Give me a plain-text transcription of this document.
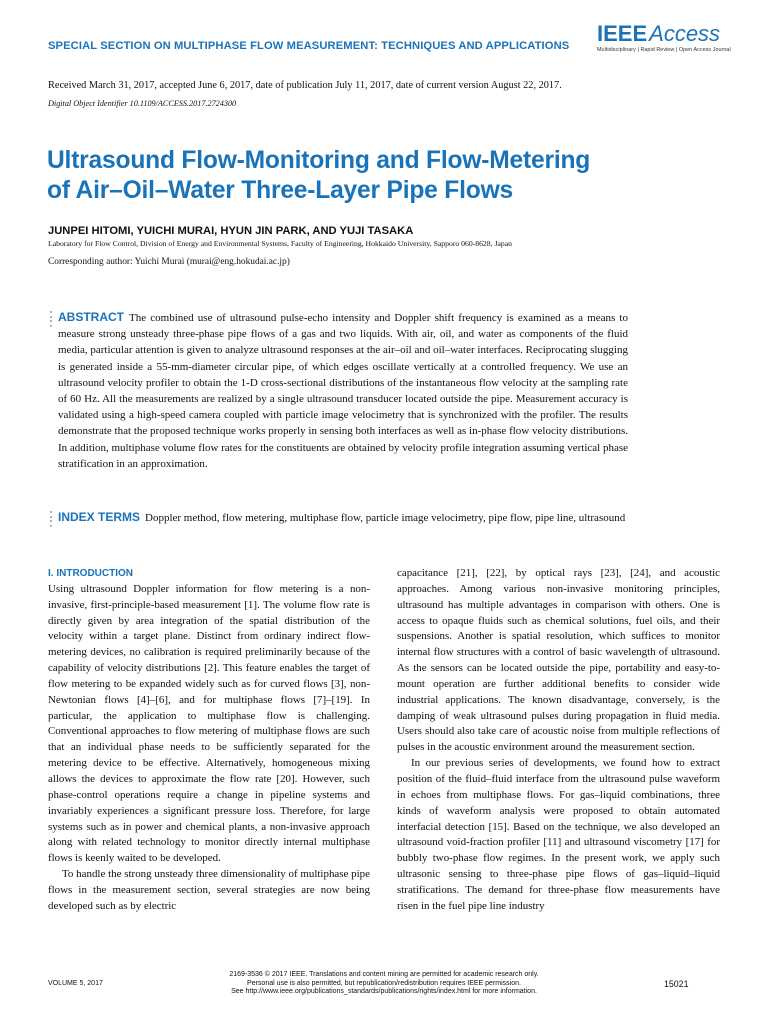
SPECIAL SECTION ON MULTIPHASE FLOW MEASUREMENT: TECHNIQUES AND APPLICATIONS IEEEAccess
Multidisciplinary | Rapid Review | Open Access Journal
Received March 31, 2017, accepted June 6, 2017, date of publication July 11, 2017, date of current version August 22, 2017.
Digital Object Identifier 10.1109/ACCESS.2017.2724300
Ultrasound Flow-Monitoring and Flow-Metering
of Air–Oil–Water Three-Layer Pipe Flows
JUNPEI HITOMI, YUICHI MURAI, HYUN JIN PARK, AND YUJI TASAKA
Laboratory for Flow Control, Division of Energy and Environmental Systems, Faculty of Engineering, Hokkaido University, Sapporo 060-8628, Japan
Corresponding author: Yuichi Murai (murai@eng.hokudai.ac.jp)
ABSTRACT The combined use of ultrasound pulse-echo intensity and Doppler shift frequency is examined as a means to measure strong unsteady three-phase pipe flows of a gas and two liquids. With air, oil, and water as components of the fluid media, particular attention is given to analyze ultrasound responses at the air–oil and oil–water interfaces. Reciprocating slugging is generated inside a 55-mm-diameter circular pipe, of which edges oscillate vertically at a controlled frequency. We use an ultrasound velocity profiler to obtain the 1-D cross-sectional distributions of the instantaneous flow velocity at the sampling rate of 60 Hz. All the measurements are realized by a single ultrasound transducer located outside the pipe. Measurement accuracy is validated using a high-speed camera coupled with particle image velocimetry that is synchronized with the profiler. The results demonstrate that the proposed technique works properly in sensing both interfaces as well as in-phase flow velocity distributions. In addition, multiphase volume flow rates for the constituents are obtained by velocity profile integration assuming vertical phase stratification in an approximation.
INDEX TERMS Doppler method, flow metering, multiphase flow, particle image velocimetry, pipe flow, pipe line, ultrasound
I. INTRODUCTION

Using ultrasound Doppler information for flow metering is a non-invasive, first-principle-based measurement [1]. The volume flow rate is directly given by area integration of the spatial distribution of the velocity within a target plane. Distinct from ordinary indirect flow-metering devices, no calibration is required preliminarily because of the capability of velocity distributions [2]. This feature enables the target of flow metering to be expanded widely such as for curved flows [3], non-Newtonian flows [4]–[6], and for multiphase flows [7]–[19]. In particular, the application to multiphase flow is challenging. Conventional approaches to flow metering of multiphase flows are such that an individual phase needs to be sufficiently separated for the metering device to be effective. Alternatively, homogeneous mixing allows the devices to approximate the flow rate [20]. However, such phase-control operations require a change in pipeline systems and invariably experiences a significant pressure loss. Therefore, for large systems such as in power and chemical plants, a non-invasive approach along with related technology to monitor directly internal multiphase flows is keenly waited to be developed.

To handle the strong unsteady three dimensionality of multiphase pipe flows in the measurement section, several strategies are now being developed such as by electric

capacitance [21], [22], by optical rays [23], [24], and acoustic approaches. Among various non-invasive monitoring principles, ultrasound has multiple advantages in comparison with others. One is access to opaque fluids such as chemical solutions, fuel oils, and their suspensions. Another is spatial resolution, which suffices to monitor internal flow structures with a control of basic wavelength of ultrasound. As the sensors can be located outside the pipe, portability and easy-to-mount operation are further additional benefits to consider wide industrial applications. The known disadvantage, conversely, is the damping of weak ultrasound pulses during propagation in fluid media. Users should also take care of acoustic noise from multiple reflections of pulses in the acoustic environment around the measurement section.

In our previous series of developments, we found how to extract position of the fluid–fluid interface from the ultrasound pulse waveform in echoes from multiphase flows. For gas–liquid combinations, three kinds of waveform analysis were proposed to obtain automated interfacial detection [15]. Based on the technique, we also developed an ultrasound void-fraction profiler [11] and ultrasound viscometry [17] for bubbly two-phase flow regimes. In the present work, we apply such ultrasonic sensing to three-phase pipe flows of gas–liquid–liquid stratifications. The demand for three-phase flow measurements have risen in the fuel pipe line industry

VOLUME 5, 2017
2169-3536 © 2017 IEEE. Translations and content mining are permitted for academic research only.
Personal use is also permitted, but republication/redistribution requires IEEE permission.
See http://www.ieee.org/publications_standards/publications/rights/index.html for more information.
15021
